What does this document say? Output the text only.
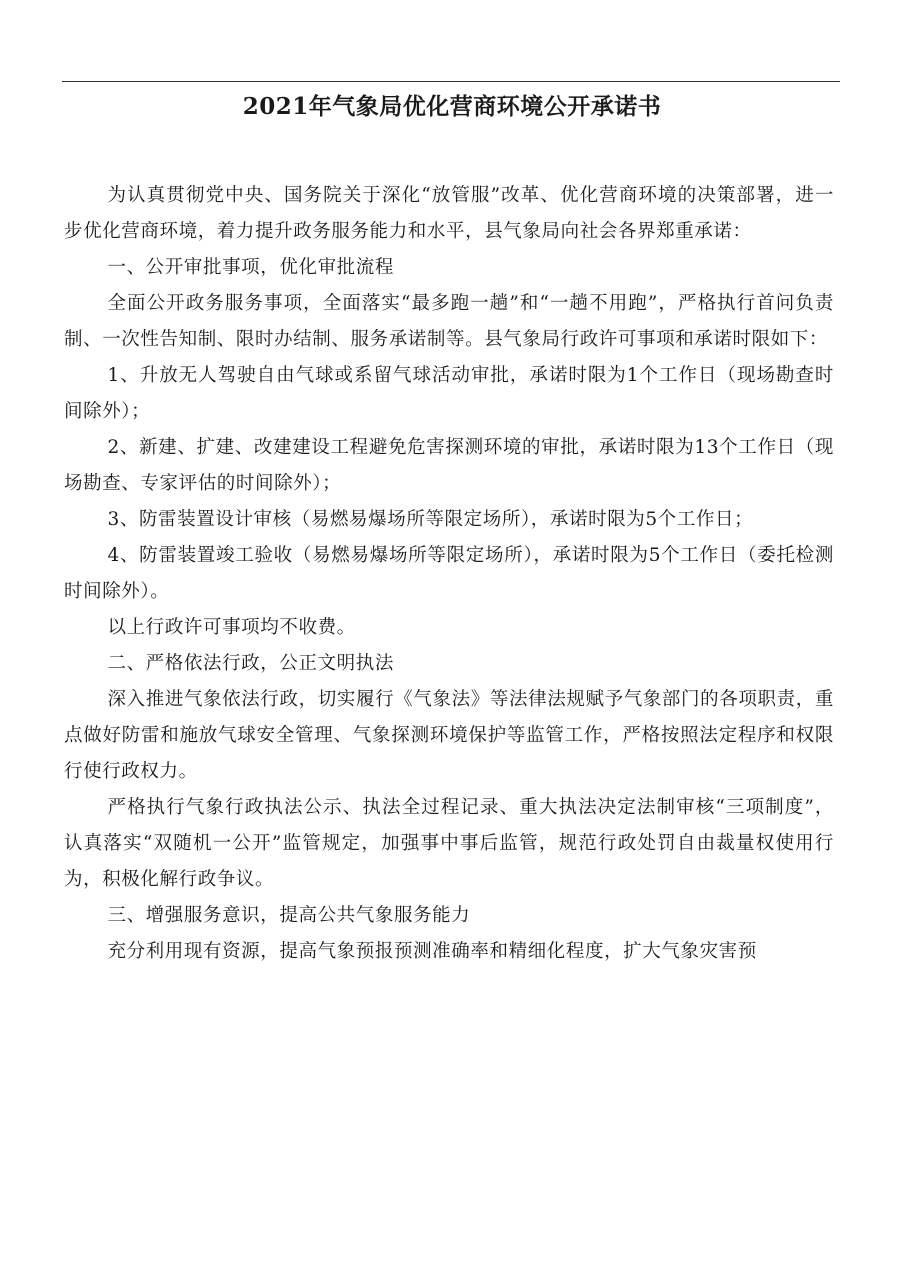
2021年气象局优化营商环境公开承诺书

为认真贯彻党中央、国务院关于深化“放管服”改革、优化营商环境的决策部署，进一步优化营商环境，着力提升政务服务能力和水平，县气象局向社会各界郑重承诺：

一、公开审批事项，优化审批流程

全面公开政务服务事项，全面落实“最多跑一趟”和“一趟不用跑”，严格执行首问负责制、一次性告知制、限时办结制、服务承诺制等。县气象局行政许可事项和承诺时限如下：

1、升放无人驾驶自由气球或系留气球活动审批，承诺时限为1个工作日（现场勘查时间除外）；

2、新建、扩建、改建建设工程避免危害探测环境的审批，承诺时限为13个工作日（现场勘查、专家评估的时间除外）；

3、防雷装置设计审核（易燃易爆场所等限定场所），承诺时限为5个工作日；

4、防雷装置竣工验收（易燃易爆场所等限定场所），承诺时限为5个工作日（委托检测时间除外）。

以上行政许可事项均不收费。

二、严格依法行政，公正文明执法

深入推进气象依法行政，切实履行《气象法》等法律法规赋予气象部门的各项职责，重点做好防雷和施放气球安全管理、气象探测环境保护等监管工作，严格按照法定程序和权限行使行政权力。

严格执行气象行政执法公示、执法全过程记录、重大执法决定法制审核“三项制度”，认真落实“双随机一公开”监管规定，加强事中事后监管，规范行政处罚自由裁量权使用行为，积极化解行政争议。

三、增强服务意识，提高公共气象服务能力

充分利用现有资源，提高气象预报预测准确率和精细化程度，扩大气象灾害预
